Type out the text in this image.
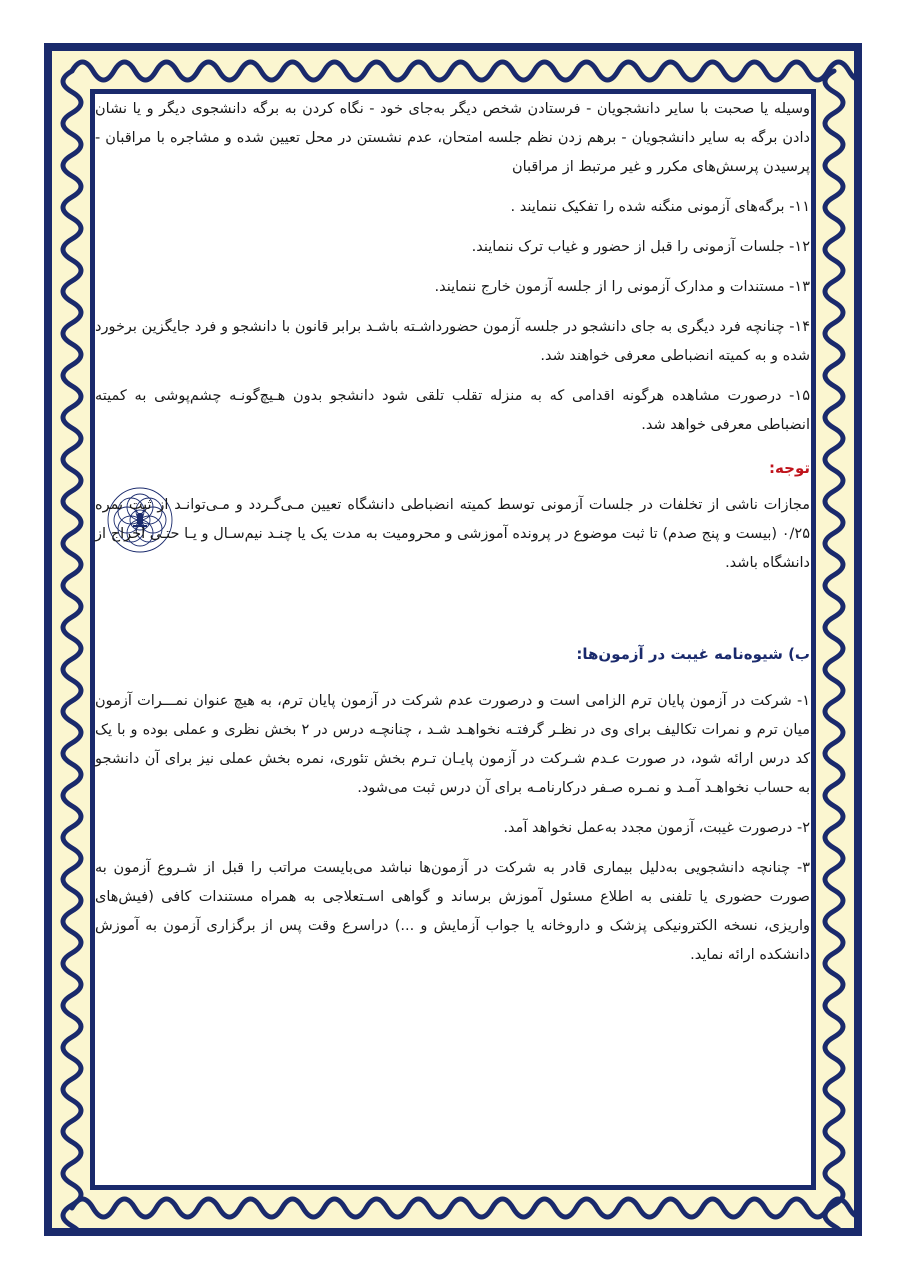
وسیله یا صحبت با سایر دانشجویان - فرستادن شخص دیگر به‌جای خود - نگاه کردن به برگه دانشجوی دیگر و یا نشان دادن برگه به سایر دانشجویان - برهم زدن نظم جلسه امتحان، عدم نشستن در محل تعیین شده و مشاجره با مراقبان - پرسیدن پرسش‌های مکرر و غیر مرتبط از مراقبان

۱۱- برگه‌های آزمونی منگنه شده را تفکیک ننمایند .

۱۲- جلسات آزمونی را قبل از حضور و غیاب ترک ننمایند.

۱۳- مستندات و مدارک آزمونی را از جلسه آزمون خارج ننمایند.

۱۴- چنانچه فرد دیگری به جای دانشجو در جلسه آزمون حضورداشـته باشـد برابر قانون با دانشجو و فرد جایگزین برخورد شده و به کمیته انضباطی معرفی خواهند شد.

۱۵- درصورت مشاهده هرگونه اقدامی که به منزله تقلب تلقی شود دانشجو بدون هـیچ‌گونـه چشم‌پوشی به کمیته انضباطی معرفی خواهد شد.

توجه:

مجازات ناشی از تخلفات در جلسات آزمونی توسط کمیته انضباطی دانشگاه تعیین مـی‌گـردد و مـی‌توانـد از ثبت نمره ۰/۲۵ (بیست و پنج صدم) تا ثبت موضوع در پرونده آموزشی و محرومیت به مدت یک یا چنـد نیم‌سـال و یـا حتـی اخراج از دانشگاه باشد.

ب) شیوه‌نامه غیبت در آزمون‌ها:

۱- شرکت در آزمون پایان ترم الزامی است و درصورت عدم شرکت در آزمون پایان ترم، به هیچ عنوان نمـــرات آزمون میان ترم و نمرات تکالیف برای وی در نظـر گرفتـه نخواهـد شـد ، چنانچـه درس در ۲ بخش نظری و عملی بوده و با یک کد درس ارائه شود، در صورت عـدم شـرکت در آزمون پایـان تـرم بخش تئوری، نمره بخش عملی نیز برای آن دانشجو به حساب نخواهـد آمـد و نمـره صـفر درکارنامـه برای آن درس ثبت می‌شود.

۲- درصورت غیبت، آزمون مجدد به‌عمل نخواهد آمد.

۳- چنانچه دانشجویی به‌دلیل بیماری قادر به شرکت در آزمون‌ها نباشد می‌بایست مراتب را قبل از شـروع آزمون به صورت حضوری یا تلفنی به اطلاع مسئول آموزش برساند و گواهی اسـتعلاجی به همراه مستندات کافی (فیش‌های واریزی، نسخه الکترونیکی پزشک و داروخانه یا جواب آزمایش و ...) دراسرع وقت پس از برگزاری آزمون به آموزش دانشکده ارائه نماید.
